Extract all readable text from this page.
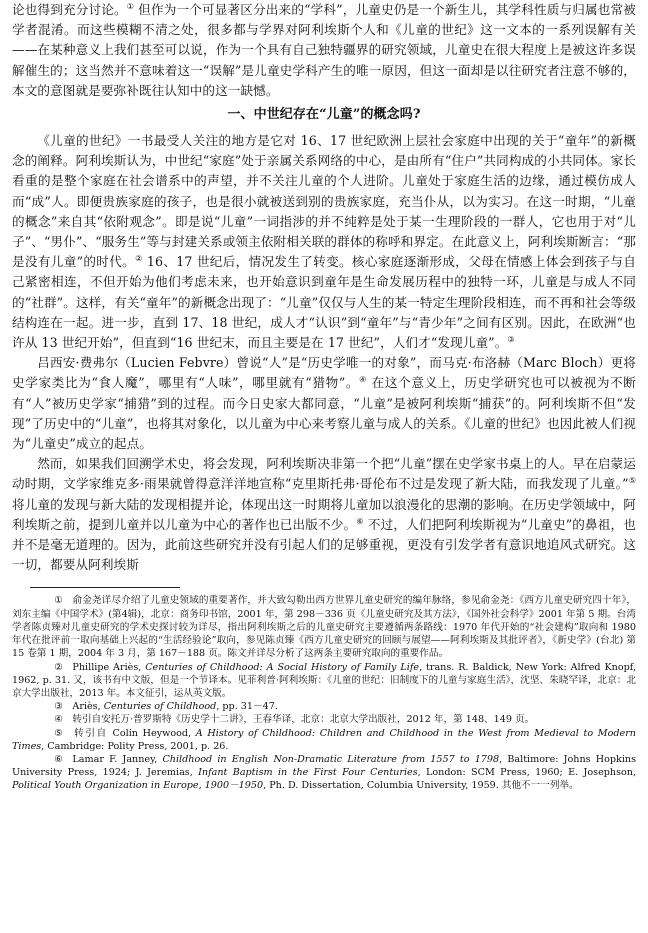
论也得到充分讨论。① 但作为一个可显著区分出来的“学科”，儿童史仍是一个新生儿，其学科性质与归属也常被学者混淆。而这些模糊不清之处，很多都与学界对阿利埃斯个人和《儿童的世纪》这一文本的一系列误解有关——在某种意义上我们甚至可以说，作为一个具有自己独特疆界的研究领域，儿童史在很大程度上是被这许多误解催生的；这当然并不意味着这一“误解”是儿童史学科产生的唯一原因，但这一面却是以往研究者注意不够的，本文的意图就是要弥补既往认知中的这一缺憾。

一、中世纪存在“儿童”的概念吗?

《儿童的世纪》一书最受人关注的地方是它对 16、17 世纪欧洲上层社会家庭中出现的关于“童年”的新概念的阐释。阿利埃斯认为，中世纪“家庭”处于亲属关系网络的中心，是由所有“住户”共同构成的小共同体。家长看重的是整个家庭在社会谱系中的声望，并不关注儿童的个人进阶。儿童处于家庭生活的边缘，通过模仿成人而“成”人。即便贵族家庭的孩子，也是很小就被送到别的贵族家庭，充当仆从，以为实习。在这一时期，“儿童的概念”来自其“依附观念”。即是说“儿童”一词指涉的并不纯粹是处于某一生理阶段的一群人，它也用于对“儿子”、“男仆”、“服务生”等与封建关系或领主依附相关联的群体的称呼和界定。在此意义上，阿利埃斯断言：“那是没有儿童”的时代。② 16、17 世纪后，情况发生了转变。核心家庭逐渐形成，父母在情感上体会到孩子与自己紧密相连，不但开始为他们考虑未来，也开始意识到童年是生命发展历程中的独特一环，儿童是与成人不同的“社群”。这样，有关“童年”的新概念出现了：“儿童”仅仅与人生的某一特定生理阶段相连，而不再和社会等级结构连在一起。进一步，直到 17、18 世纪，成人才“认识”到“童年”与“青少年”之间有区别。因此，在欧洲“也许从 13 世纪开始”，但直到“16 世纪末，而且主要是在 17 世纪”，人们才“发现儿童”。③

吕西安·费弗尔（Lucien Febvre）曾说“人”是“历史学唯一的对象”，而马克·布洛赫（Marc Bloch）更将史学家类比为“食人魔”，哪里有“人味”，哪里就有“猎物”。④ 在这个意义上，历史学研究也可以被视为不断有“人”被历史学家“捕猎”到的过程。而今日史家大都同意，“儿童”是被阿利埃斯“捕获”的。阿利埃斯不但“发现”了历史中的“儿童”，也将其对象化，以儿童为中心来考察儿童与成人的关系。《儿童的世纪》也因此被人们视为“儿童史”成立的起点。

然而，如果我们回溯学术史，将会发现，阿利埃斯决非第一个把“儿童”摆在史学家书桌上的人。早在启蒙运动时期，文学家维克多·雨果就曾得意洋洋地宣称“克里斯托弗·哥伦布不过是发现了新大陆，而我发现了儿童。”⑤ 将儿童的发现与新大陆的发现相提并论，体现出这一时期将儿童加以浪漫化的思潮的影响。在历史学领域中，阿利埃斯之前，提到儿童并以儿童为中心的著作也已出版不少。⑥ 不过，人们把阿利埃斯视为“儿童史”的鼻祖，也并不是毫无道理的。因为，此前这些研究并没有引起人们的足够重视，更没有引发学者有意识地追风式研究。这一切，都要从阿利埃斯

①  俞金尧详尽介绍了儿童史领域的重要著作，并大致勾勒出西方世界儿童史研究的编年脉络，参见俞金尧：《西方儿童史研究四十年》，刘东主编《中国学术》(第4辑)，北京：商务印书馆，2001 年，第 298－336 页《儿童史研究及其方法》，《国外社会科学》2001 年第 5 期。台湾学者陈贞臻对儿童史研究的学术史探讨较为详尽，指出阿利埃斯之后的儿童史研究主要遵循两条路线：1970 年代开始的“社会建构”取向和 1980 年代在批评前一取向基础上兴起的“生活经验论”取向，参见陈贞臻《西方儿童史研究的回顾与展望——阿利埃斯及其批评者》，《新史学》(台北) 第 15 卷第 1 期，2004 年 3 月，第 167－188 页。陈文并详尽分析了这两条主要研究取向的重要作品。

②  Phillipe Ariès, Centuries of Childhood: A Social History of Family Life, trans. R. Baldick, New York: Alfred Knopf, 1962, p. 31. 又，该书有中文版，但是一个节译本。见菲利普·阿利埃斯：《儿童的世纪：旧制度下的儿童与家庭生活》，沈坚、朱晓罕译，北京：北京大学出版社，2013 年。本文征引，运从英文版。

③  Ariès, Centuries of Childhood, pp. 31－47.

④  转引自安托万·普罗斯特《历史学十二讲》，王春华译，北京：北京大学出版社，2012 年，第 148、149 页。

⑤  转引自 Colin Heywood, A History of Childhood: Children and Childhood in the West from Medieval to Modern Times, Cambridge: Polity Press, 2001, p. 26.

⑥  Lamar F. Janney, Childhood in English Non-Dramatic Literature from 1557 to 1798, Baltimore: Johns Hopkins University Press, 1924; J. Jeremias, Infant Baptism in the First Four Centuries, London: SCM Press, 1960; E. Josephson, Political Youth Organization in Europe, 1900－1950, Ph. D. Dissertation, Columbia University, 1959. 其他不一一列举。
